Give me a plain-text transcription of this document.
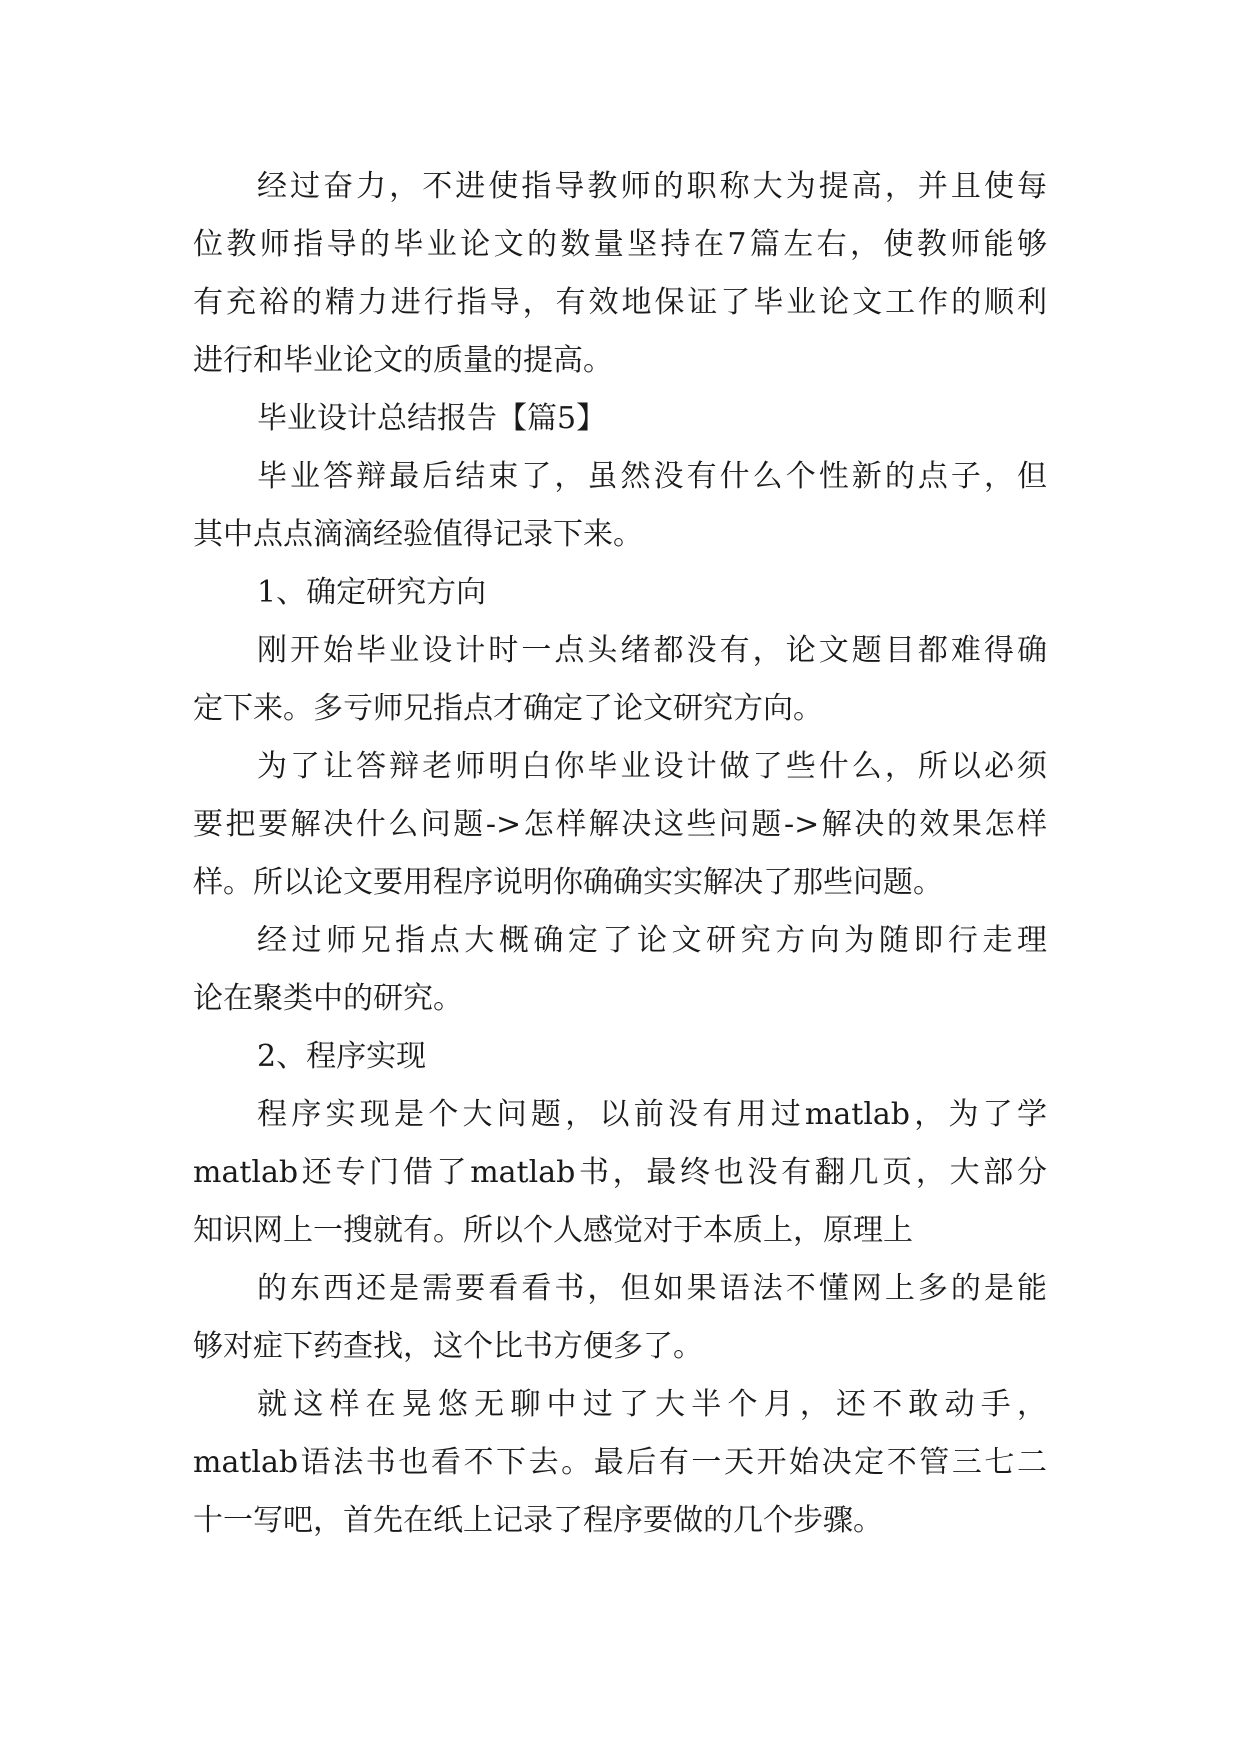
经过奋力，不进使指导教师的职称大为提高，并且使每
位教师指导的毕业论文的数量坚持在7篇左右，使教师能够
有充裕的精力进行指导，有效地保证了毕业论文工作的顺利
进行和毕业论文的质量的提高。
毕业设计总结报告【篇5】
毕业答辩最后结束了，虽然没有什么个性新的点子，但
其中点点滴滴经验值得记录下来。
1、确定研究方向
刚开始毕业设计时一点头绪都没有，论文题目都难得确
定下来。多亏师兄指点才确定了论文研究方向。
为了让答辩老师明白你毕业设计做了些什么，所以必须
要把要解决什么问题->怎样解决这些问题->解决的效果怎样
样。所以论文要用程序说明你确确实实解决了那些问题。
经过师兄指点大概确定了论文研究方向为随即行走理
论在聚类中的研究。
2、程序实现
程序实现是个大问题，以前没有用过matlab，为了学
matlab还专门借了matlab书，最终也没有翻几页，大部分
知识网上一搜就有。所以个人感觉对于本质上，原理上
的东西还是需要看看书，但如果语法不懂网上多的是能
够对症下药查找，这个比书方便多了。
就这样在晃悠无聊中过了大半个月，还不敢动手，
matlab语法书也看不下去。最后有一天开始决定不管三七二
十一写吧，首先在纸上记录了程序要做的几个步骤。
